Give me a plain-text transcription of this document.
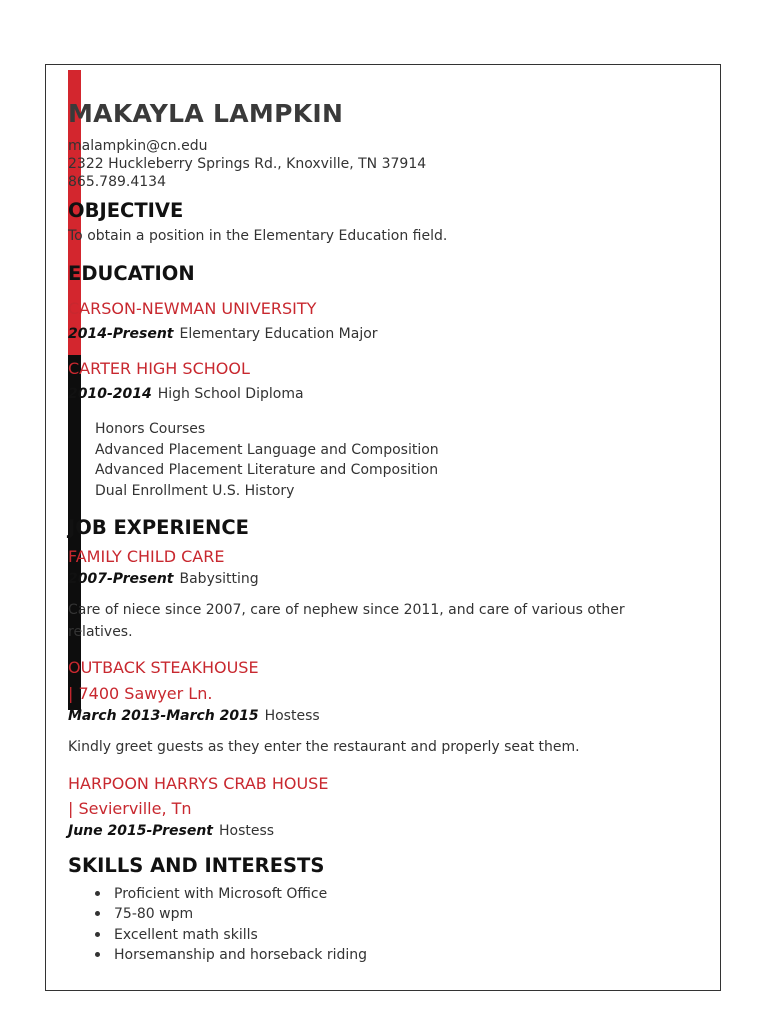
MAKAYLA LAMPKIN
malampkin@cn.edu
2322 Huckleberry Springs Rd., Knoxville, TN 37914
865.789.4134
OBJECTIVE
To obtain a position in the Elementary Education field.
EDUCATION
CARSON-NEWMAN UNIVERSITY
2014-Present Elementary Education Major
CARTER HIGH SCHOOL
2010-2014 High School Diploma
Honors Courses
Advanced Placement Language and Composition
Advanced Placement Literature and Composition
Dual Enrollment U.S. History
JOB EXPERIENCE
FAMILY CHILD CARE
2007-Present Babysitting
Care of niece since 2007, care of nephew since 2011, and care of various other relatives.
OUTBACK STEAKHOUSE
| 7400 Sawyer Ln.
March 2013-March 2015 Hostess
Kindly greet guests as they enter the restaurant and properly seat them.
HARPOON HARRYS CRAB HOUSE
| Sevierville, Tn
June 2015-Present Hostess
SKILLS AND INTERESTS
Proficient with Microsoft Office
75-80 wpm
Excellent math skills
Horsemanship and horseback riding
